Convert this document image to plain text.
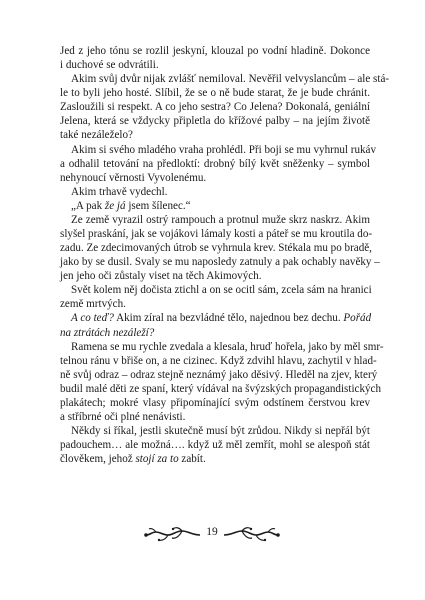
Jed z jeho tónu se rozlil jeskyní, klouzal po vodní hladině. Dokonce
i duchové se odvrátili.

Akim svůj dvůr nijak zvlášť nemiloval. Nevěřil velvyslancům – ale stá-
le to byli jeho hosté. Slíbil, že se o ně bude starat, že je bude chránit.
Zasloužili si respekt. A co jeho sestra? Co Jelena? Dokonalá, geniální
Jelena, která se vždycky připletla do křížové palby – na jejím životě
také nezáleželo?

Akim si svého mladého vraha prohlédl. Při boji se mu vyhrnul rukáv
a odhalil tetování na předloktí: drobný bílý květ sněženky – symbol
nehynoucí věrnosti Vyvolenému.

Akim trhavě vydechl.

„A pak že já jsem šílenec.“

Ze země vyrazil ostrý rampouch a protnul muže skrz naskrz. Akim
slyšel praskání, jak se vojákovi lámaly kosti a páteř se mu kroutila do-
zadu. Ze zdecimovaných útrob se vyhrnula krev. Stékala mu po bradě,
jako by se dusil. Svaly se mu naposledy zatnuly a pak ochably navěky –
jen jeho oči zůstaly viset na těch Akimových.

Svět kolem něj dočista ztichl a on se ocitl sám, zcela sám na hranici
země mrtvých.

A co teď? Akim zíral na bezvládné tělo, najednou bez dechu. Pořád
na ztrátách nezáleží?

Ramena se mu rychle zvedala a klesala, hruď hořela, jako by měl smr-
telnou ránu v břiše on, a ne cizinec. Když zdvihl hlavu, zachytil v hlad-
ně svůj odraz – odraz stejně neznámý jako děsivý. Hleděl na zjev, který
budil malé děti ze spaní, který vídával na švýzských propagandistických
plakátech; mokré vlasy připomínající svým odstínem čerstvou krev
a stříbrné oči plné nenávisti.

Někdy si říkal, jestli skutečně musí být zrůdou. Nikdy si nepřál být
padouchem… ale možná…. když už měl zemřít, mohl se alespoň stát
člověkem, jehož stojí za to zabít.

19
